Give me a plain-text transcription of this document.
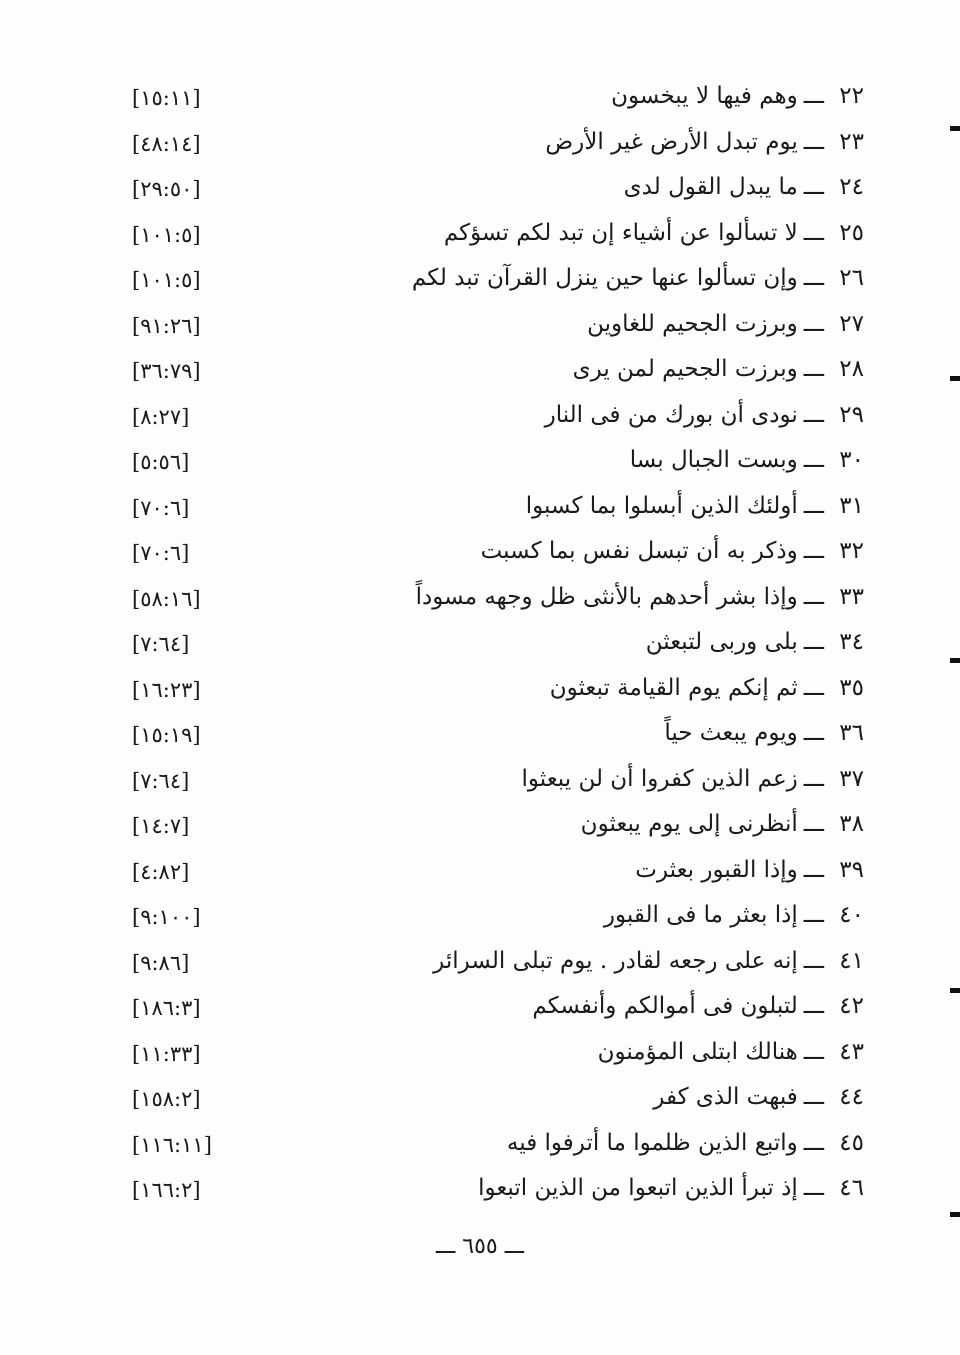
٢٢ـــوهم فيها لا يبخسون
[١٥:١١]
٢٣ـــيوم تبدل الأرض غير الأرض
[٤٨:١٤]
٢٤ـــما يبدل القول لدى
[٢٩:٥٠]
٢٥ـــلا تسألوا عن أشياء إن تبد لكم تسؤكم
[١٠١:٥]
٢٦ـــوإن تسألوا عنها حين ينزل القرآن تبد لكم
[١٠١:٥]
٢٧ـــوبرزت الجحيم للغاوين
[٩١:٢٦]
٢٨ـــوبرزت الجحيم لمن يرى
[٣٦:٧٩]
٢٩ـــنودى أن بورك من فى النار
[٨:٢٧]
٣٠ـــوبست الجبال بسا
[٥:٥٦]
٣١ـــأولئك الذين أبسلوا بما كسبوا
[٧٠:٦]
٣٢ـــوذكر به أن تبسل نفس بما كسبت
[٧٠:٦]
٣٣ـــوإذا بشر أحدهم بالأنثى ظل وجهه مسوداً
[٥٨:١٦]
٣٤ـــبلى وربى لتبعثن
[٧:٦٤]
٣٥ـــثم إنكم يوم القيامة تبعثون
[١٦:٢٣]
٣٦ـــويوم يبعث حياً
[١٥:١٩]
٣٧ـــزعم الذين كفروا أن لن يبعثوا
[٧:٦٤]
٣٨ـــأنظرنى إلى يوم يبعثون
[١٤:٧]
٣٩ـــوإذا القبور بعثرت
[٤:٨٢]
٤٠ـــإذا بعثر ما فى القبور
[٩:١٠٠]
٤١ـــإنه على رجعه لقادر . يوم تبلى السرائر
[٩:٨٦]
٤٢ـــلتبلون فى أموالكم وأنفسكم
[١٨٦:٣]
٤٣ـــهنالك ابتلى المؤمنون
[١١:٣٣]
٤٤ـــفبهت الذى كفر
[١٥٨:٢]
٤٥ـــواتبع الذين ظلموا ما أترفوا فيه
[١١٦:١١]
٤٦ـــإذ تبرأ الذين اتبعوا من الذين اتبعوا
[١٦٦:٢]
ـــ ٦٥٥ ـــ
